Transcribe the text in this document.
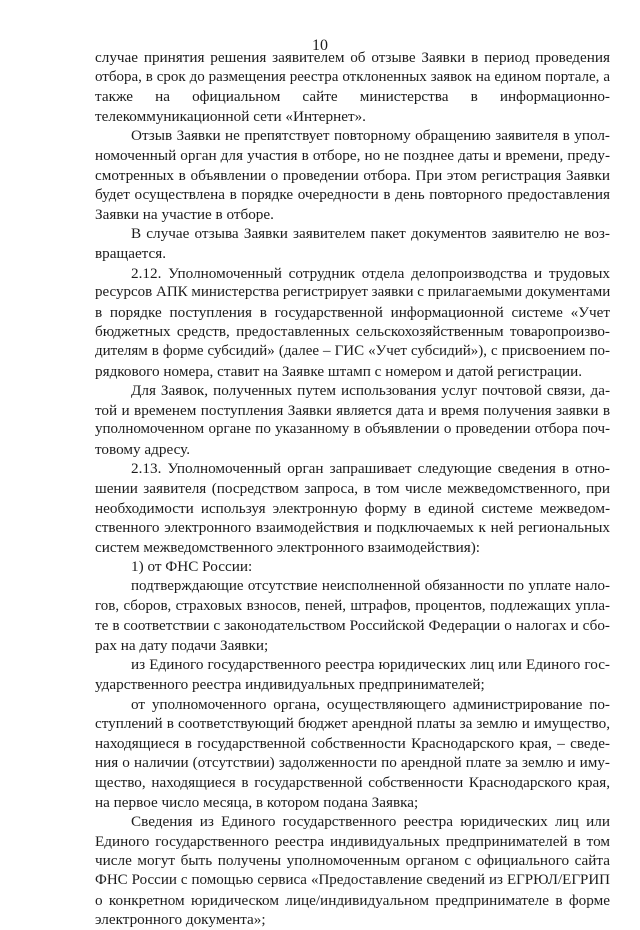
10
случае принятия решения заявителем об отзыве Заявки в период проведения
отбора, в срок до размещения реестра отклоненных заявок на едином портале, а
также на официальном сайте министерства в информационно-
телекоммуникационной сети «Интернет».
Отзыв Заявки не препятствует повторному обращению заявителя в упол-
номоченный орган для участия в отборе, но не позднее даты и времени, преду-
смотренных в объявлении о проведении отбора. При этом регистрация Заявки
будет осуществлена в порядке очередности в день повторного предоставления
Заявки на участие в отборе.
В случае отзыва Заявки заявителем пакет документов заявителю не воз-
вращается.
2.12. Уполномоченный сотрудник отдела делопроизводства и трудовых
ресурсов АПК министерства регистрирует заявки с прилагаемыми документами
в порядке поступления в государственной информационной системе «Учет
бюджетных средств, предоставленных сельскохозяйственным товаропроизво-
дителям в форме субсидий» (далее – ГИС «Учет субсидий»), с присвоением по-
рядкового номера, ставит на Заявке штамп с номером и датой регистрации.
Для Заявок, полученных путем использования услуг почтовой связи, да-
той и временем поступления Заявки является дата и время получения заявки в
уполномоченном органе по указанному в объявлении о проведении отбора поч-
товому адресу.
2.13. Уполномоченный орган запрашивает следующие сведения в отно-
шении заявителя (посредством запроса, в том числе межведомственного, при
необходимости используя электронную форму в единой системе межведом-
ственного электронного взаимодействия и подключаемых к ней региональных
систем межведомственного электронного взаимодействия):
1) от ФНС России:
подтверждающие отсутствие неисполненной обязанности по уплате нало-
гов, сборов, страховых взносов, пеней, штрафов, процентов, подлежащих упла-
те в соответствии с законодательством Российской Федерации о налогах и сбо-
рах на дату подачи Заявки;
из Единого государственного реестра юридических лиц или Единого гос-
ударственного реестра индивидуальных предпринимателей;
от уполномоченного органа, осуществляющего администрирование по-
ступлений в соответствующий бюджет арендной платы за землю и имущество,
находящиеся в государственной собственности Краснодарского края, – сведе-
ния о наличии (отсутствии) задолженности по арендной плате за землю и иму-
щество, находящиеся в государственной собственности Краснодарского края,
на первое число месяца, в котором подана Заявка;
Сведения из Единого государственного реестра юридических лиц или
Единого государственного реестра индивидуальных предпринимателей в том
числе могут быть получены уполномоченным органом с официального сайта
ФНС России с помощью сервиса «Предоставление сведений из ЕГРЮЛ/ЕГРИП
о конкретном юридическом лице/индивидуальном предпринимателе в форме
электронного документа»;
